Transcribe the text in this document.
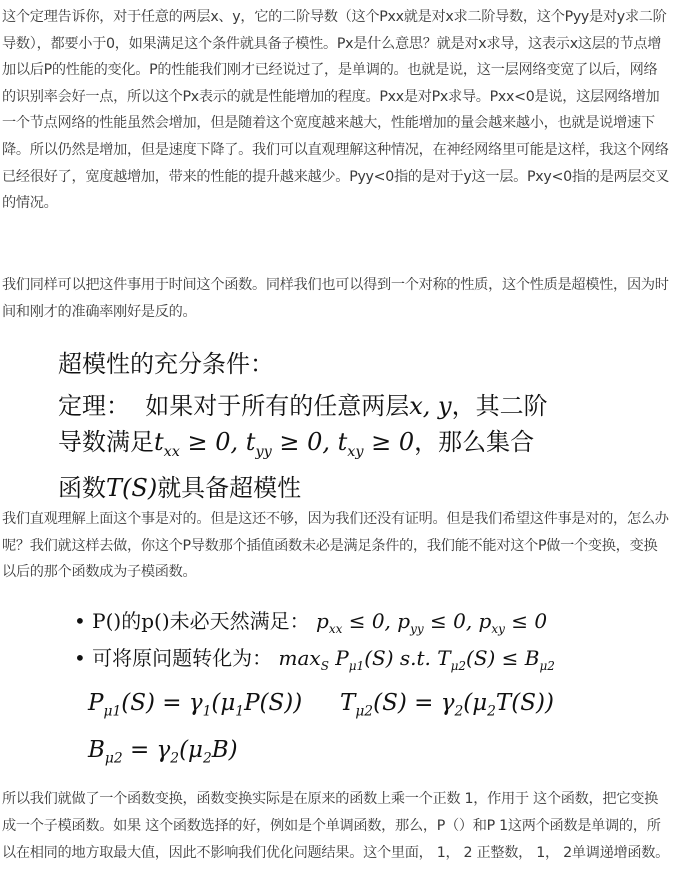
这个定理告诉你，对于任意的两层x、y，它的二阶导数（这个Pxx就是对x求二阶导数，这个Pyy是对y求二阶导数），都要小于0，如果满足这个条件就具备子模性。Px是什么意思？就是对x求导，这表示x这层的节点增加以后P的性能的变化。P的性能我们刚才已经说过了，是单调的。也就是说，这一层网络变宽了以后，网络的识别率会好一点，所以这个Px表示的就是性能增加的程度。Pxx是对Px求导。Pxx<0是说，这层网络增加一个节点网络的性能虽然会增加，但是随着这个宽度越来越大，性能增加的量会越来越小，也就是说增速下降。所以仍然是增加，但是速度下降了。我们可以直观理解这种情况，在神经网络里可能是这样，我这个网络已经很好了，宽度越增加，带来的性能的提升越来越少。Pyy<0指的是对于y这一层。Pxy<0指的是两层交叉的情况。
我们同样可以把这件事用于时间这个函数。同样我们也可以得到一个对称的性质，这个性质是超模性，因为时间和刚才的准确率刚好是反的。
超模性的充分条件：
定理： 如果对于所有的任意两层x, y，其二阶
导数满足$t_{xx} \ge 0$, $t_{yy} \ge 0$, $t_{xy} \ge 0$，那么集合
函数T(S)就具备超模性
我们直观理解上面这个事是对的。但是这还不够，因为我们还没有证明。但是我们希望这件事是对的，怎么办呢？我们就这样去做，你这个P导数那个插值函数未必是满足条件的，我们能不能对这个P做一个变换，变换以后的那个函数成为子模函数。
• P()的p()未必天然满足： $p_{xx} \le 0$, $p_{yy} \le 0$, $p_{xy} \le 0$
• 可将原问题转化为： $\max_S P_{\mu 1}(S)$ s.t. $T_{\mu 2}(S) \le B_{\mu 2}$
$P_{\mu 1}(S) = \gamma_1(\mu_1P(S)) T_{\mu 2}(S) = \gamma_2(\mu_2T(S))$
$B_{\mu 2} = \gamma_2(\mu_2B)$
所以我们就做了一个函数变换，函数变换实际是在原来的函数上乘一个正数 1，作用于 这个函数，把它变换成一个子模函数。如果 这个函数选择的好，例如是个单调函数，那么，P（）和P 1这两个函数是单调的，所以在相同的地方取最大值，因此不影响我们优化问题结果。这个里面， 1， 2 正整数， 1， 2单调递增函数。
